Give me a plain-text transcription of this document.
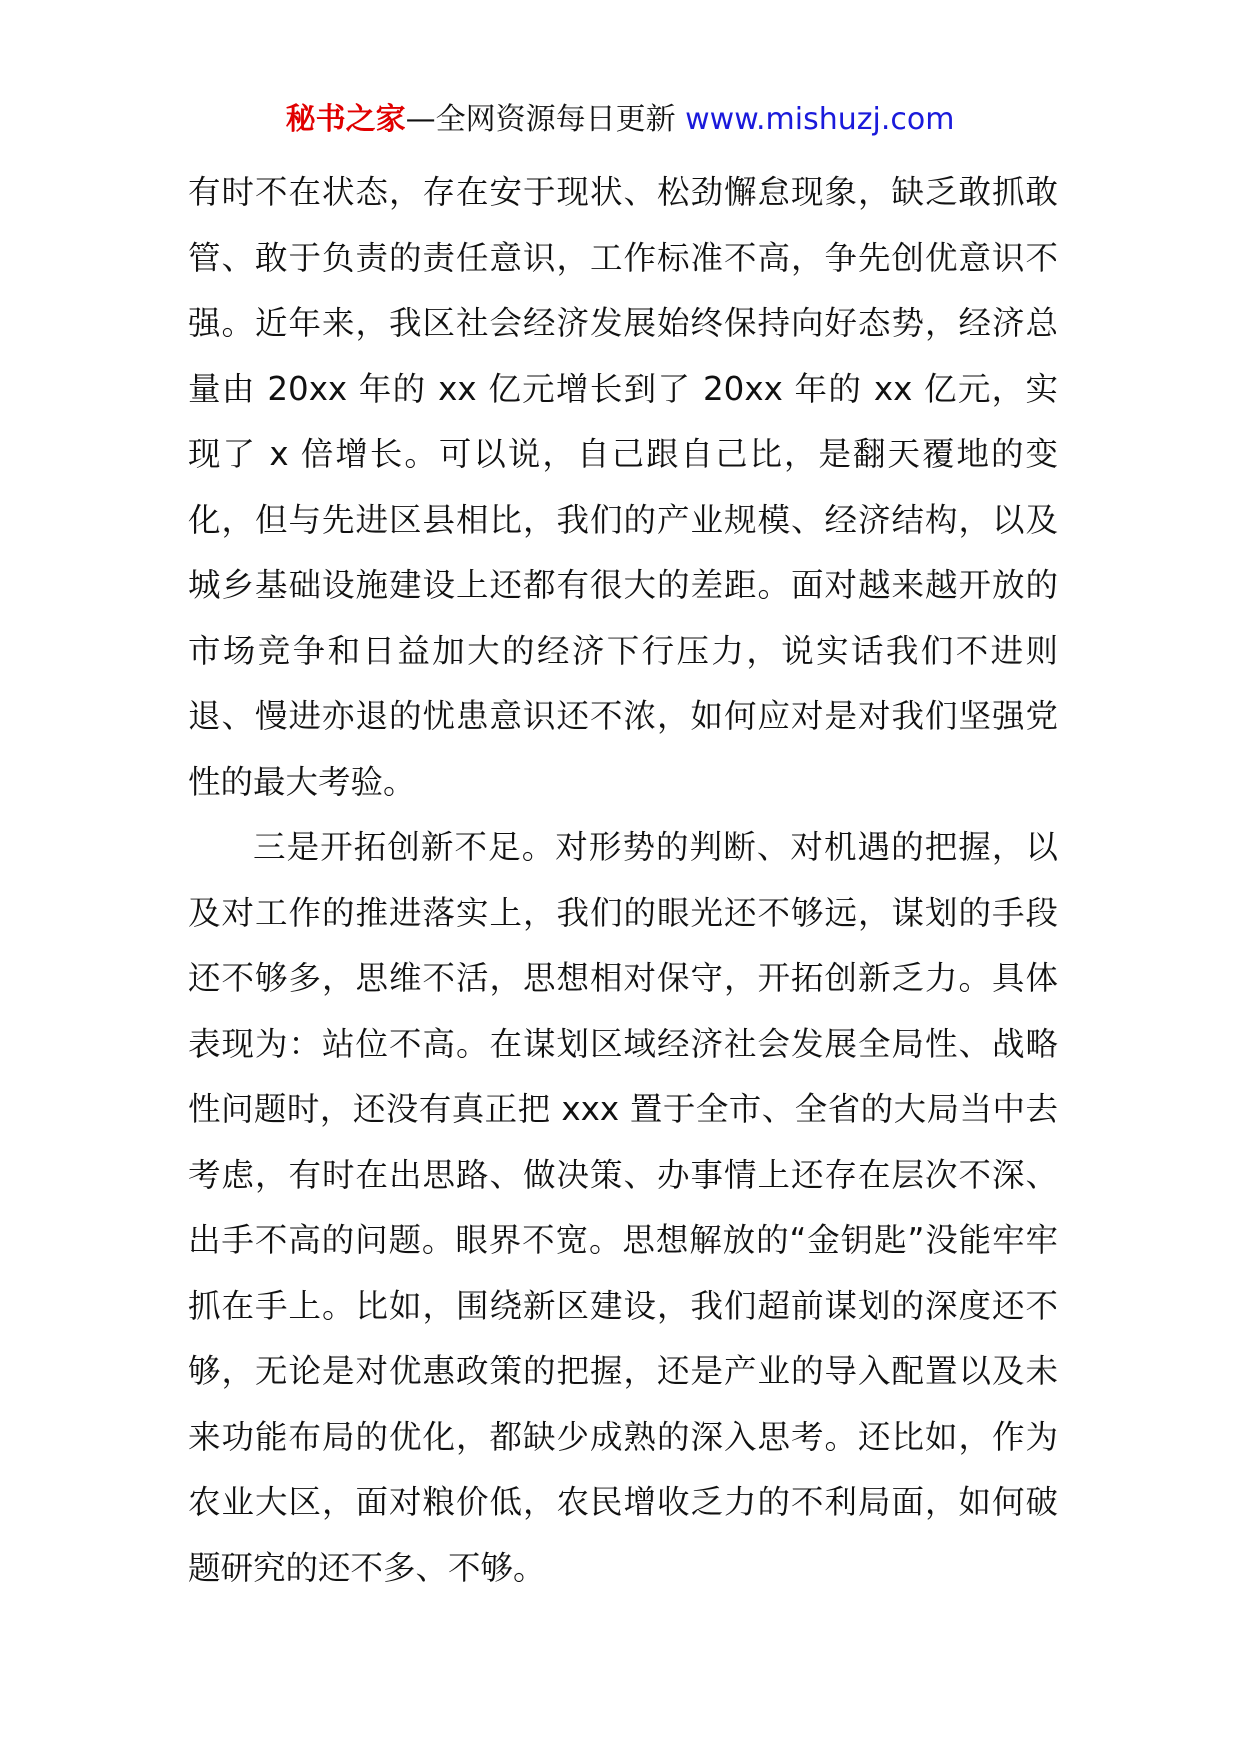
秘书之家—全网资源每日更新 www.mishuzj.com

有时不在状态，存在安于现状、松劲懈怠现象，缺乏敢抓敢管、敢于负责的责任意识，工作标准不高，争先创优意识不强。近年来，我区社会经济发展始终保持向好态势，经济总量由 20xx 年的 xx 亿元增长到了 20xx 年的 xx 亿元，实现了 x 倍增长。可以说，自己跟自己比，是翻天覆地的变化，但与先进区县相比，我们的产业规模、经济结构，以及城乡基础设施建设上还都有很大的差距。面对越来越开放的市场竞争和日益加大的经济下行压力，说实话我们不进则退、慢进亦退的忧患意识还不浓，如何应对是对我们坚强党性的最大考验。

三是开拓创新不足。对形势的判断、对机遇的把握，以及对工作的推进落实上，我们的眼光还不够远，谋划的手段还不够多，思维不活，思想相对保守，开拓创新乏力。具体表现为：站位不高。在谋划区域经济社会发展全局性、战略性问题时，还没有真正把 xxx 置于全市、全省的大局当中去考虑，有时在出思路、做决策、办事情上还存在层次不深、出手不高的问题。眼界不宽。思想解放的“金钥匙”没能牢牢抓在手上。比如，围绕新区建设，我们超前谋划的深度还不够，无论是对优惠政策的把握，还是产业的导入配置以及未来功能布局的优化，都缺少成熟的深入思考。还比如，作为农业大区，面对粮价低，农民增收乏力的不利局面，如何破题研究的还不多、不够。
